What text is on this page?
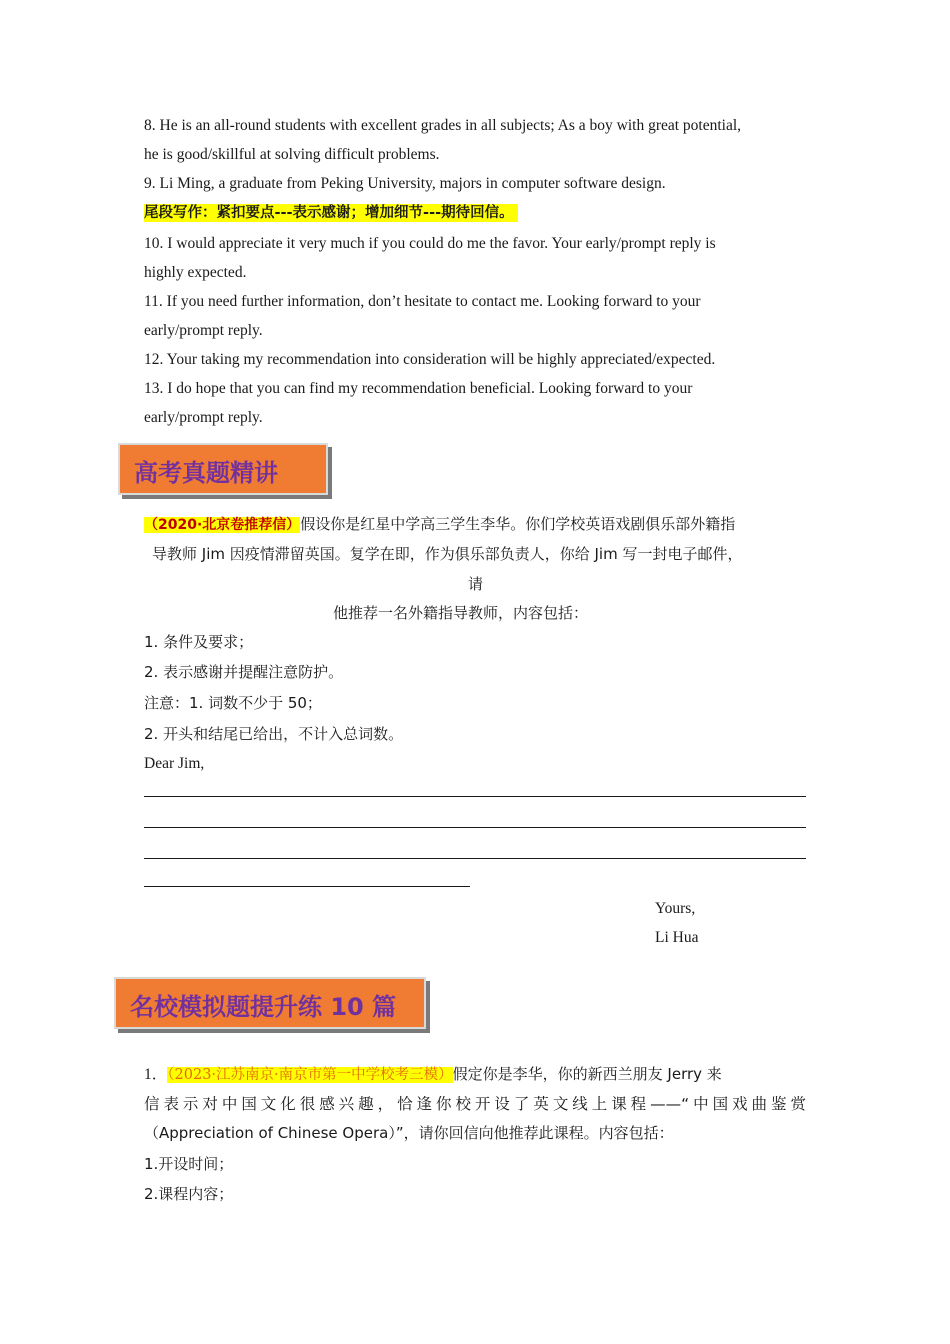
8. He is an all-round students with excellent grades in all subjects; As a boy with great potential,
he is good/skillful at solving difficult problems.
9. Li Ming, a graduate from Peking University, majors in computer software design.
尾段写作：紧扣要点---表示感谢；增加细节---期待回信。
10. I would appreciate it very much if you could do me the favor. Your early/prompt reply is
highly expected.
11. If you need further information, don’t hesitate to contact me. Looking forward to your
early/prompt reply.
12. Your taking my recommendation into consideration will be highly appreciated/expected.
13. I do hope that you can find my recommendation beneficial. Looking forward to your
early/prompt reply.
高考真题精讲
（2020·北京卷推荐信）假设你是红星中学高三学生李华。你们学校英语戏剧俱乐部外籍指
导教师 Jim 因疫情滞留英国。复学在即，作为俱乐部负责人，你给 Jim 写一封电子邮件，
请
他推荐一名外籍指导教师，内容包括：
1. 条件及要求；
2. 表示感谢并提醒注意防护。
注意：1. 词数不少于 50；
2. 开头和结尾已给出，不计入总词数。
Dear Jim,
Yours,
Li Hua
名校模拟题提升练 10 篇
1．（2023·江苏南京·南京市第一中学校考三模）假定你是李华，你的新西兰朋友 Jerry 来
信表示对中国文化很感兴趣，恰逢你校开设了英文线上课程——“中国戏曲鉴赏
（Appreciation of Chinese Opera）”，请你回信向他推荐此课程。内容包括：
1.开设时间；
2.课程内容；
